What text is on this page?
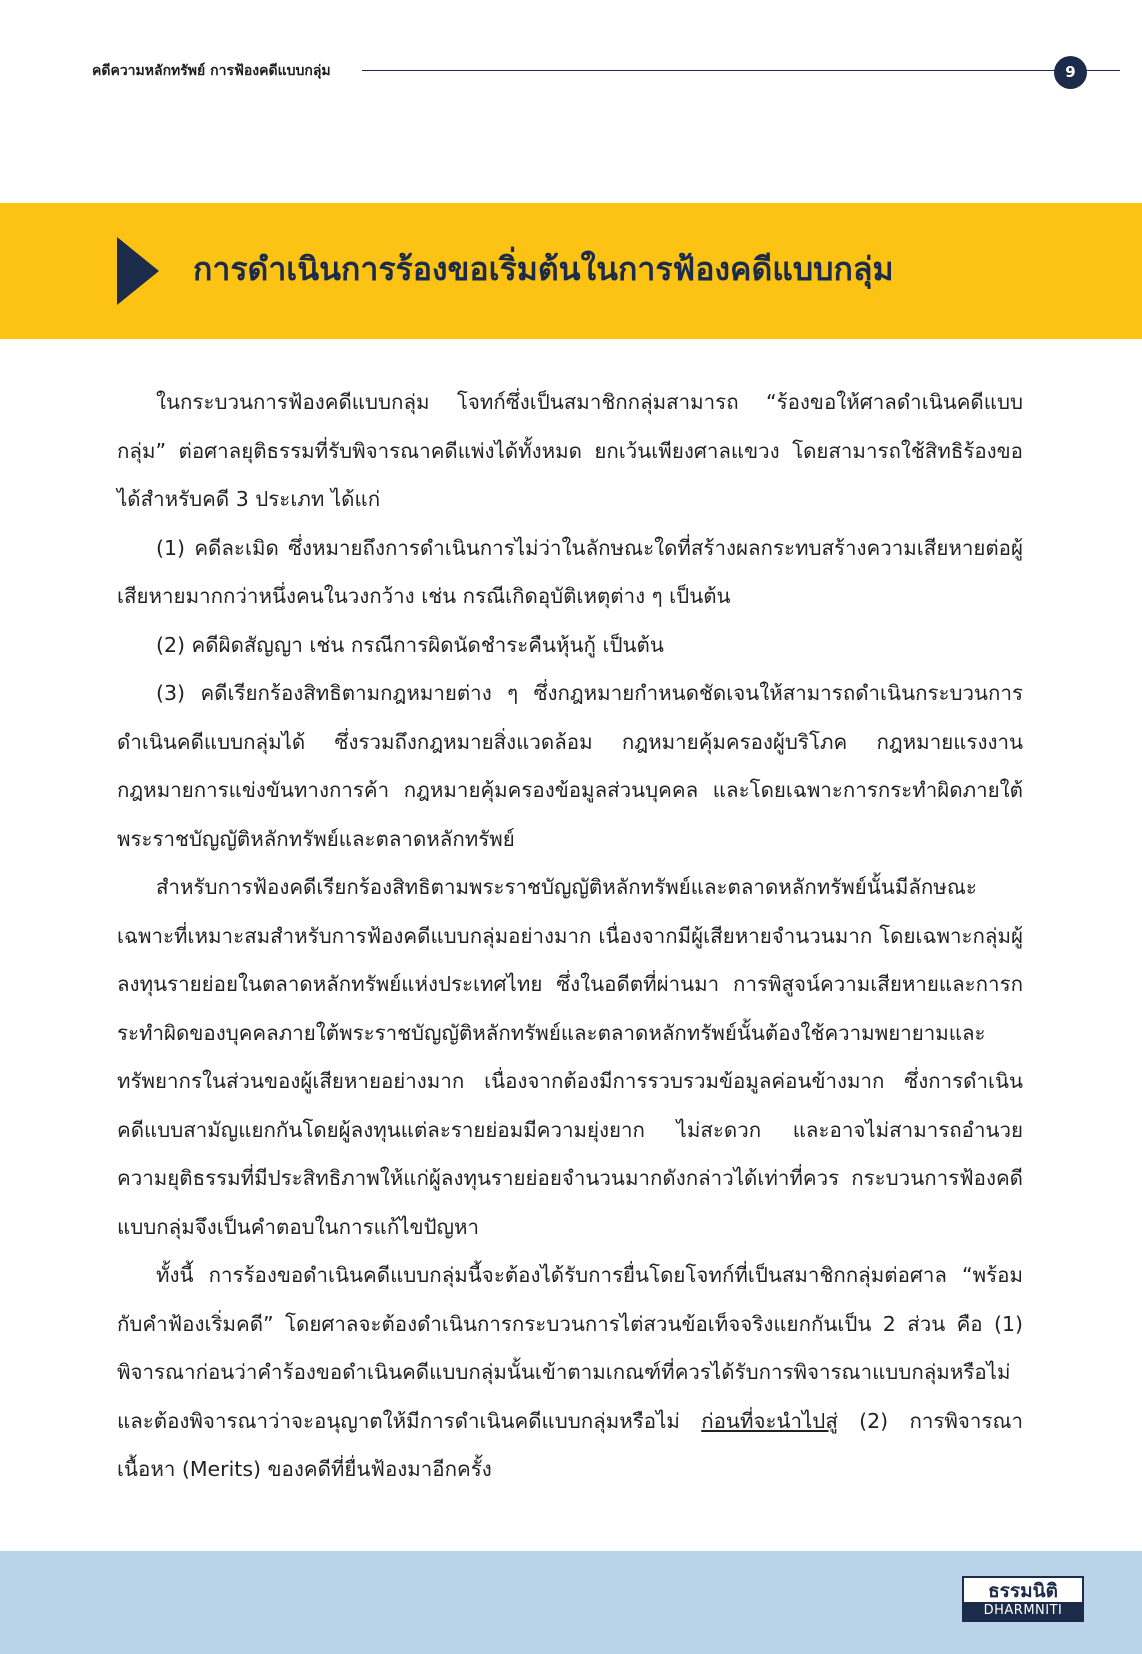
คดีความหลักทรัพย์ การฟ้องคดีแบบกลุ่ม	9
การดำเนินการร้องขอเริ่มต้นในการฟ้องคดีแบบกลุ่ม

ในกระบวนการฟ้องคดีแบบกลุ่ม โจทก์ซึ่งเป็นสมาชิกกลุ่มสามารถ “ร้องขอให้ศาลดำเนินคดีแบบกลุ่ม” ต่อศาลยุติธรรมที่รับพิจารณาคดีแพ่งได้ทั้งหมด ยกเว้นเพียงศาลแขวง โดยสามารถใช้สิทธิร้องขอได้สำหรับคดี 3 ประเภท ได้แก่

(1) คดีละเมิด ซึ่งหมายถึงการดำเนินการไม่ว่าในลักษณะใดที่สร้างผลกระทบสร้างความเสียหายต่อผู้เสียหายมากกว่าหนึ่งคนในวงกว้าง เช่น กรณีเกิดอุบัติเหตุต่าง ๆ เป็นต้น

(2) คดีผิดสัญญา เช่น กรณีการผิดนัดชำระคืนหุ้นกู้ เป็นต้น

(3) คดีเรียกร้องสิทธิตามกฎหมายต่าง ๆ ซึ่งกฎหมายกำหนดชัดเจนให้สามารถดำเนินกระบวนการดำเนินคดีแบบกลุ่มได้ ซึ่งรวมถึงกฎหมายสิ่งแวดล้อม กฎหมายคุ้มครองผู้บริโภค กฎหมายแรงงาน กฎหมายการแข่งขันทางการค้า กฎหมายคุ้มครองข้อมูลส่วนบุคคล และโดยเฉพาะการกระทำผิดภายใต้พระราชบัญญัติหลักทรัพย์และตลาดหลักทรัพย์

สำหรับการฟ้องคดีเรียกร้องสิทธิตามพระราชบัญญัติหลักทรัพย์และตลาดหลักทรัพย์นั้นมีลักษณะเฉพาะที่เหมาะสมสำหรับการฟ้องคดีแบบกลุ่มอย่างมาก เนื่องจากมีผู้เสียหายจำนวนมาก โดยเฉพาะกลุ่มผู้ลงทุนรายย่อยในตลาดหลักทรัพย์แห่งประเทศไทย ซึ่งในอดีตที่ผ่านมา การพิสูจน์ความเสียหายและการกระทำผิดของบุคคลภายใต้พระราชบัญญัติหลักทรัพย์และตลาดหลักทรัพย์นั้นต้องใช้ความพยายามและทรัพยากรในส่วนของผู้เสียหายอย่างมาก เนื่องจากต้องมีการรวบรวมข้อมูลค่อนข้างมาก ซึ่งการดำเนินคดีแบบสามัญแยกกันโดยผู้ลงทุนแต่ละรายย่อมมีความยุ่งยาก ไม่สะดวก และอาจไม่สามารถอำนวยความยุติธรรมที่มีประสิทธิภาพให้แก่ผู้ลงทุนรายย่อยจำนวนมากดังกล่าวได้เท่าที่ควร กระบวนการฟ้องคดีแบบกลุ่มจึงเป็นคำตอบในการแก้ไขปัญหา

ทั้งนี้ การร้องขอดำเนินคดีแบบกลุ่มนี้จะต้องได้รับการยื่นโดยโจทก์ที่เป็นสมาชิกกลุ่มต่อศาล “พร้อมกับคำฟ้องเริ่มคดี” โดยศาลจะต้องดำเนินการกระบวนการไต่สวนข้อเท็จจริงแยกกันเป็น 2 ส่วน คือ (1) พิจารณาก่อนว่าคำร้องขอดำเนินคดีแบบกลุ่มนั้นเข้าตามเกณฑ์ที่ควรได้รับการพิจารณาแบบกลุ่มหรือไม่ และต้องพิจารณาว่าจะอนุญาตให้มีการดำเนินคดีแบบกลุ่มหรือไม่ ก่อนที่จะนำไปสู่ (2) การพิจารณาเนื้อหา (Merits) ของคดีที่ยื่นฟ้องมาอีกครั้ง

ธรรมนิติ
DHARMNITI
